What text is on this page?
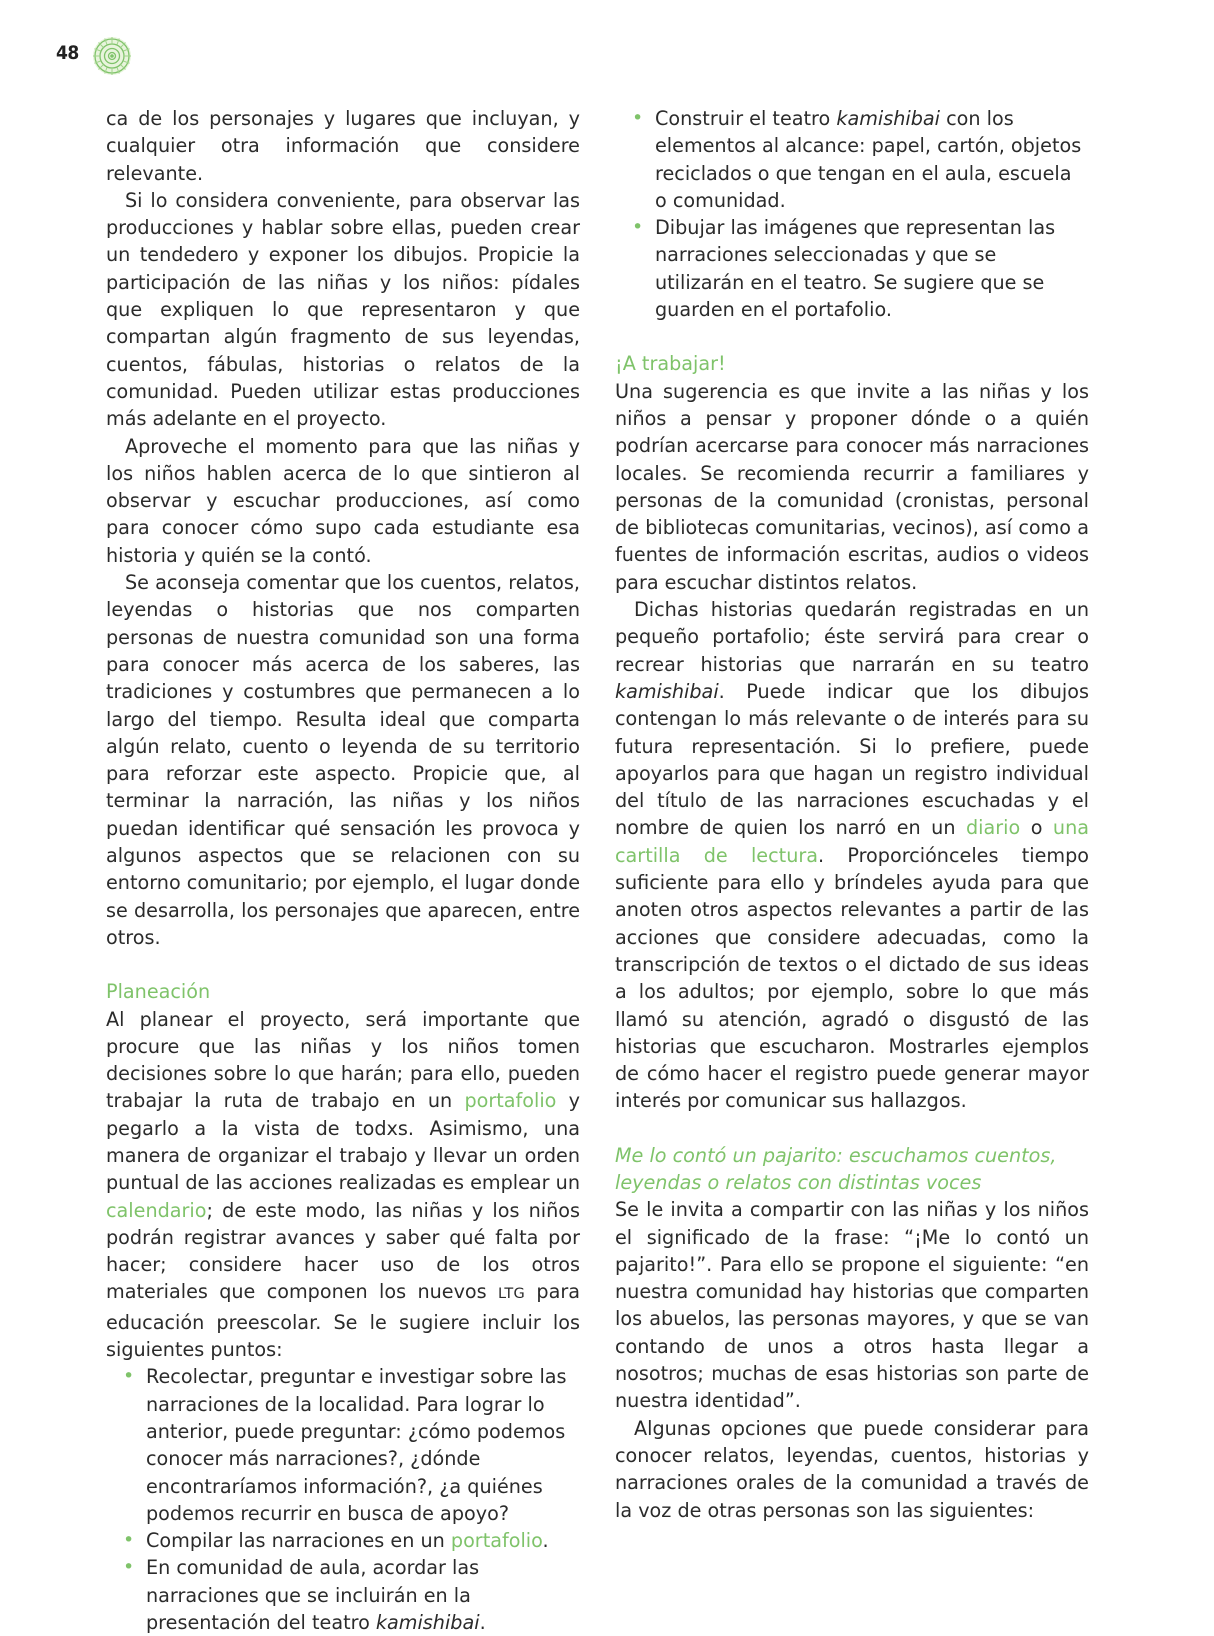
48

ca de los personajes y lugares que incluyan, y cualquier otra información que considere relevante.

Si lo considera conveniente, para observar las producciones y hablar sobre ellas, pueden crear un tendedero y exponer los dibujos. Propicie la participación de las niñas y los niños: pídales que expliquen lo que representaron y que compartan algún fragmento de sus leyendas, cuentos, fábulas, historias o relatos de la comunidad. Pueden utilizar estas producciones más adelante en el proyecto.

Aproveche el momento para que las niñas y los niños hablen acerca de lo que sintieron al observar y escuchar producciones, así como para conocer cómo supo cada estudiante esa historia y quién se la contó.

Se aconseja comentar que los cuentos, relatos, leyendas o historias que nos comparten personas de nuestra comunidad son una forma para conocer más acerca de los saberes, las tradiciones y costumbres que permanecen a lo largo del tiempo. Resulta ideal que comparta algún relato, cuento o leyenda de su territorio para reforzar este aspecto. Propicie que, al terminar la narración, las niñas y los niños puedan identificar qué sensación les provoca y algunos aspectos que se relacionen con su entorno comunitario; por ejemplo, el lugar donde se desarrolla, los personajes que aparecen, entre otros.

Planeación

Al planear el proyecto, será importante que procure que las niñas y los niños tomen decisiones sobre lo que harán; para ello, pueden trabajar la ruta de trabajo en un portafolio y pegarlo a la vista de todxs. Asimismo, una manera de organizar el trabajo y llevar un orden puntual de las acciones realizadas es emplear un calendario; de este modo, las niñas y los niños podrán registrar avances y saber qué falta por hacer; considere hacer uso de los otros materiales que componen los nuevos LTG para educación preescolar. Se le sugiere incluir los siguientes puntos:

• Recolectar, preguntar e investigar sobre las narraciones de la localidad. Para lograr lo anterior, puede preguntar: ¿cómo podemos conocer más narraciones?, ¿dónde encontraríamos información?, ¿a quiénes podemos recurrir en busca de apoyo?
• Compilar las narraciones en un portafolio.
• En comunidad de aula, acordar las narraciones que se incluirán en la presentación del teatro kamishibai.
• Construir el teatro kamishibai con los elementos al alcance: papel, cartón, objetos reciclados o que tengan en el aula, escuela o comunidad.
• Dibujar las imágenes que representan las narraciones seleccionadas y que se utilizarán en el teatro. Se sugiere que se guarden en el portafolio.
¡A trabajar!

Una sugerencia es que invite a las niñas y los niños a pensar y proponer dónde o a quién podrían acercarse para conocer más narraciones locales. Se recomienda recurrir a familiares y personas de la comunidad (cronistas, personal de bibliotecas comunitarias, vecinos), así como a fuentes de información escritas, audios o videos para escuchar distintos relatos.

Dichas historias quedarán registradas en un pequeño portafolio; éste servirá para crear o recrear historias que narrarán en su teatro kamishibai. Puede indicar que los dibujos contengan lo más relevante o de interés para su futura representación. Si lo prefiere, puede apoyarlos para que hagan un registro individual del título de las narraciones escuchadas y el nombre de quien los narró en un diario o una cartilla de lectura. Proporciónceles tiempo suficiente para ello y bríndeles ayuda para que anoten otros aspectos relevantes a partir de las acciones que considere adecuadas, como la transcripción de textos o el dictado de sus ideas a los adultos; por ejemplo, sobre lo que más llamó su atención, agradó o disgustó de las historias que escucharon. Mostrarles ejemplos de cómo hacer el registro puede generar mayor interés por comunicar sus hallazgos.

Me lo contó un pajarito: escuchamos cuentos, leyendas o relatos con distintas voces

Se le invita a compartir con las niñas y los niños el significado de la frase: “¡Me lo contó un pajarito!”. Para ello se propone el siguiente: “en nuestra comunidad hay historias que comparten los abuelos, las personas mayores, y que se van contando de unos a otros hasta llegar a nosotros; muchas de esas historias son parte de nuestra identidad”.

Algunas opciones que puede considerar para conocer relatos, leyendas, cuentos, historias y narraciones orales de la comunidad a través de la voz de otras personas son las siguientes:
